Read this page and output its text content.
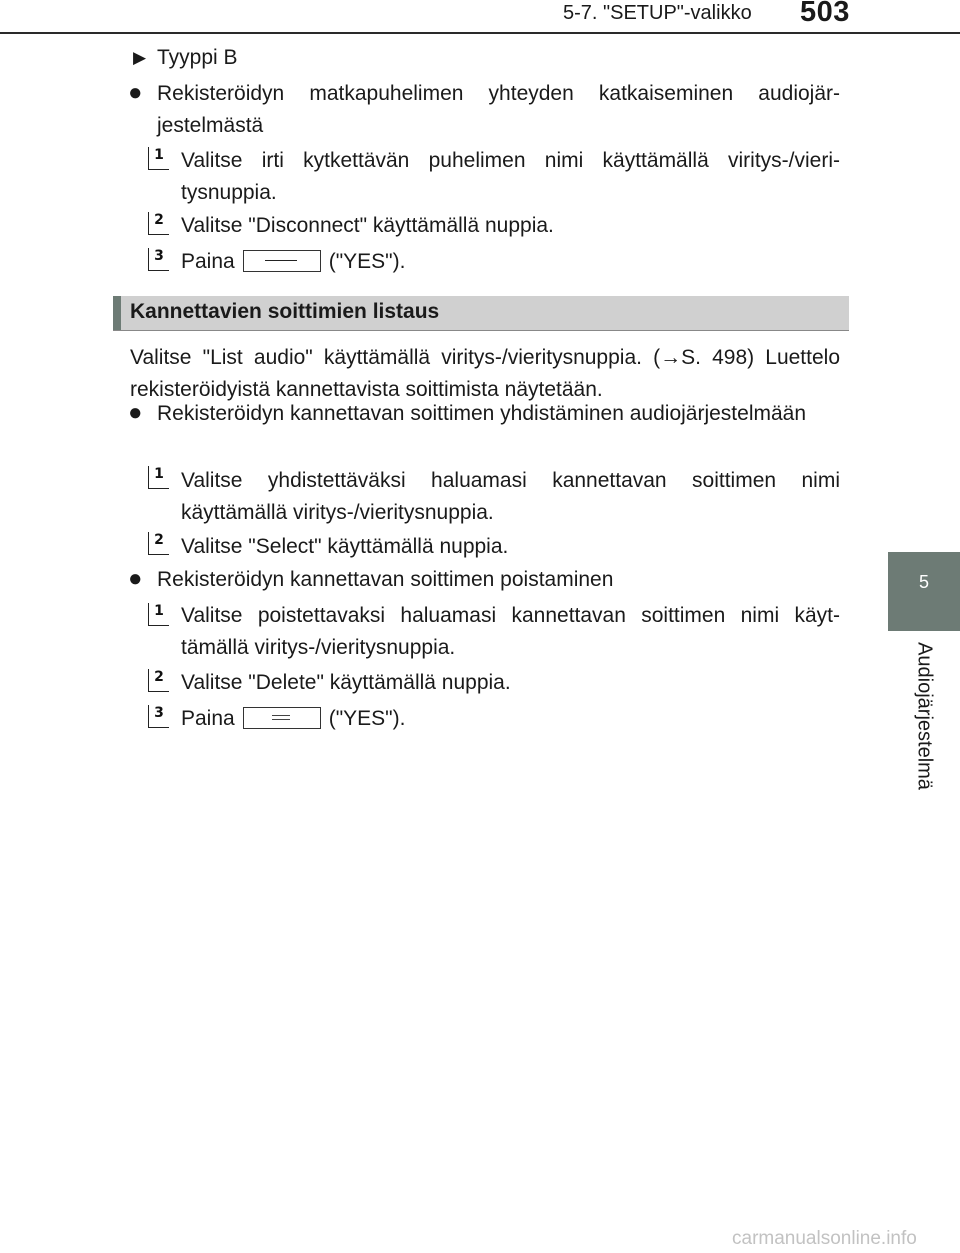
5-7. "SETUP"-valikko 503
5
Audiojärjestelmä
▶ Tyyppi B
● Rekisteröidyn matkapuhelimen yhteyden katkaiseminen audiojärjestelmästä
1 Valitse irti kytkettävän puhelimen nimi käyttämällä viritys-/vieritysnuppia.
2 Valitse "Disconnect" käyttämällä nuppia.
3 Paina	("YES").
Kannettavien soittimien listaus
Valitse "List audio" käyttämällä viritys-/vieritysnuppia. (→S. 498) Luettelo rekisteröidyistä kannettavista soittimista näytetään.
● Rekisteröidyn kannettavan soittimen yhdistäminen audiojärjestelmään
1 Valitse yhdistettäväksi haluamasi kannettavan soittimen nimi käyttämällä viritys-/vieritysnuppia.
2 Valitse "Select" käyttämällä nuppia.
● Rekisteröidyn kannettavan soittimen poistaminen
1 Valitse poistettavaksi haluamasi kannettavan soittimen nimi käyttämällä viritys-/vieritysnuppia.
2 Valitse "Delete" käyttämällä nuppia.
3 Paina	("YES").
carmanualsonline.info
